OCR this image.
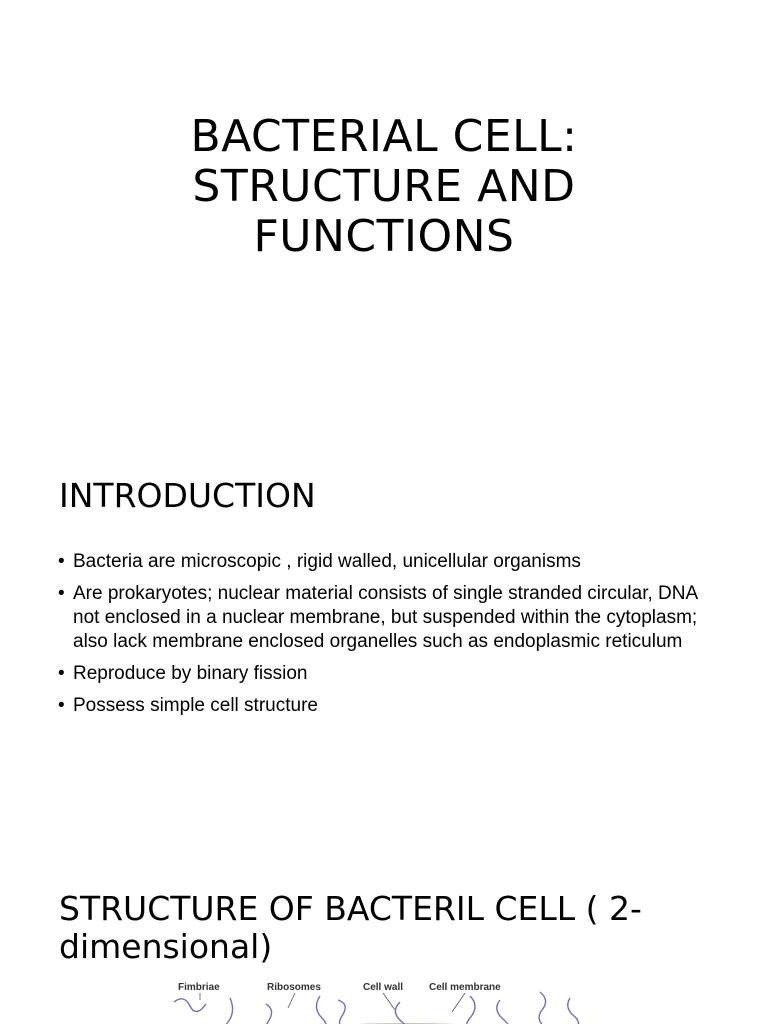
BACTERIAL CELL:
STRUCTURE AND
FUNCTIONS
INTRODUCTION
• Bacteria are microscopic , rigid walled, unicellular organisms
• Are prokaryotes; nuclear material consists of single stranded circular, DNA not enclosed in a nuclear membrane, but suspended within the cytoplasm; also lack membrane enclosed organelles such as endoplasmic reticulum
• Reproduce by binary fission
• Possess simple cell structure
STRUCTURE OF BACTERIL CELL ( 2-dimensional)
Fimbriae	Ribosomes	Cell wall	Cell membrane
